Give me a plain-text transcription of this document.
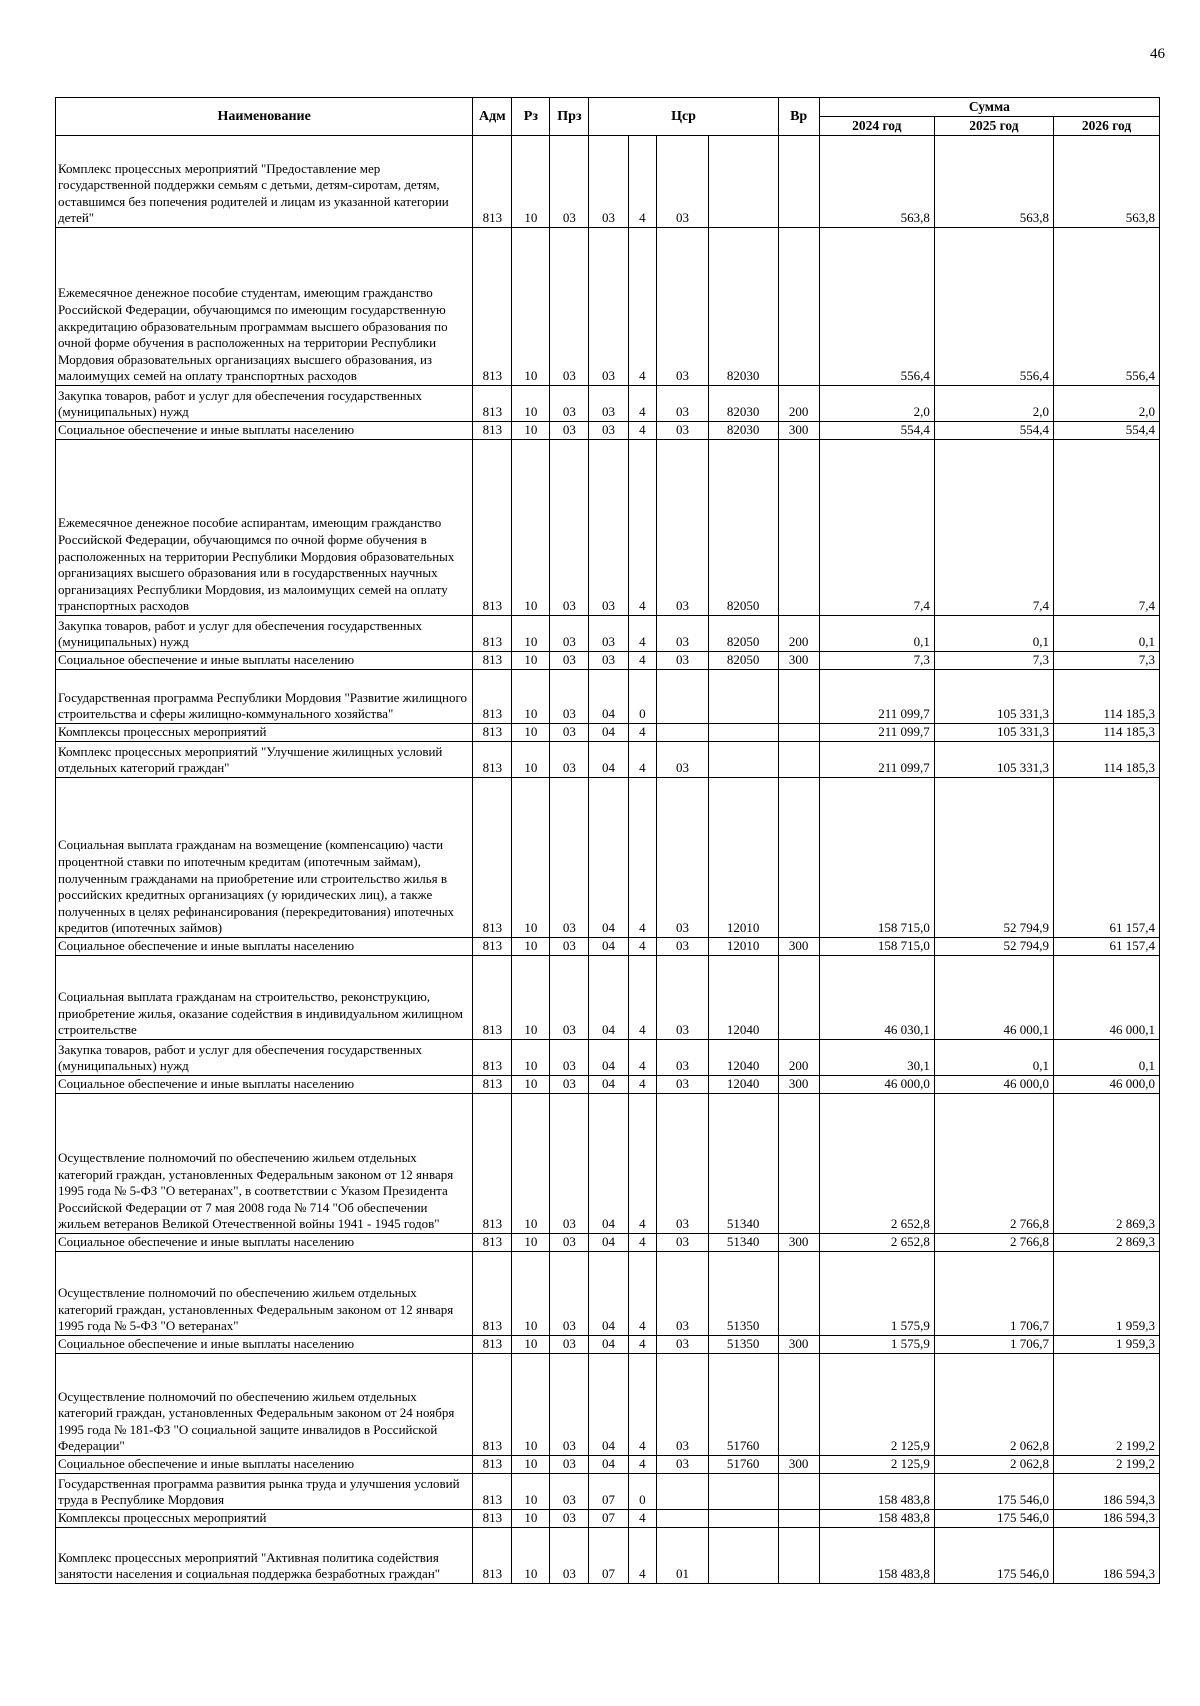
46
Наименование	Адм	Рз	Прз	Цср				Вр	Сумма		
									2024 год	2025 год	2026 год
Комплекс процессных мероприятий "Предоставление мер государственной поддержки семьям с детьми, детям-сиротам, детям, оставшимся без попечения родителей и лицам из указанной категории детей"	813	10	03	03	4	03			563,8	563,8	563,8
Ежемесячное денежное пособие студентам, имеющим гражданство Российской Федерации, обучающимся по имеющим государственную аккредитацию образовательным программам высшего образования по очной форме обучения в расположенных на территории Республики Мордовия образовательных организациях высшего образования, из малоимущих семей на оплату транспортных расходов	813	10	03	03	4	03	82030		556,4	556,4	556,4
Закупка товаров, работ и услуг для обеспечения государственных (муниципальных) нужд	813	10	03	03	4	03	82030	200	2,0	2,0	2,0
Социальное обеспечение и иные выплаты населению	813	10	03	03	4	03	82030	300	554,4	554,4	554,4
Ежемесячное денежное пособие аспирантам, имеющим гражданство Российской Федерации, обучающимся по очной форме обучения в расположенных на территории Республики Мордовия образовательных организациях высшего образования или в государственных научных организациях Республики Мордовия, из малоимущих семей на оплату транспортных расходов	813	10	03	03	4	03	82050		7,4	7,4	7,4
Закупка товаров, работ и услуг для обеспечения государственных (муниципальных) нужд	813	10	03	03	4	03	82050	200	0,1	0,1	0,1
Социальное обеспечение и иные выплаты населению	813	10	03	03	4	03	82050	300	7,3	7,3	7,3
Государственная программа Республики Мордовия "Развитие жилищного строительства и сферы жилищно-коммунального хозяйства"	813	10	03	04	0				211 099,7	105 331,3	114 185,3
Комплексы процессных мероприятий	813	10	03	04	4				211 099,7	105 331,3	114 185,3
Комплекс процессных мероприятий "Улучшение жилищных условий отдельных категорий граждан"	813	10	03	04	4	03			211 099,7	105 331,3	114 185,3
Социальная выплата гражданам на возмещение (компенсацию) части процентной ставки по ипотечным кредитам (ипотечным займам), полученным гражданами на приобретение или строительство жилья в российских кредитных организациях (у юридических лиц), а также полученных в целях рефинансирования (перекредитования) ипотечных кредитов (ипотечных займов)	813	10	03	04	4	03	12010		158 715,0	52 794,9	61 157,4
Социальное обеспечение и иные выплаты населению	813	10	03	04	4	03	12010	300	158 715,0	52 794,9	61 157,4
Социальная выплата гражданам на строительство, реконструкцию, приобретение жилья, оказание содействия в индивидуальном жилищном строительстве	813	10	03	04	4	03	12040		46 030,1	46 000,1	46 000,1
Закупка товаров, работ и услуг для обеспечения государственных (муниципальных) нужд	813	10	03	04	4	03	12040	200	30,1	0,1	0,1
Социальное обеспечение и иные выплаты населению	813	10	03	04	4	03	12040	300	46 000,0	46 000,0	46 000,0
Осуществление полномочий по обеспечению жильем отдельных категорий граждан, установленных Федеральным законом от 12 января 1995 года № 5-ФЗ "О ветеранах", в соответствии с Указом Президента Российской Федерации от 7 мая 2008 года № 714 "Об обеспечении жильем ветеранов Великой Отечественной войны 1941 - 1945 годов"	813	10	03	04	4	03	51340		2 652,8	2 766,8	2 869,3
Социальное обеспечение и иные выплаты населению	813	10	03	04	4	03	51340	300	2 652,8	2 766,8	2 869,3
Осуществление полномочий по обеспечению жильем отдельных категорий граждан, установленных Федеральным законом от 12 января 1995 года № 5-ФЗ "О ветеранах"	813	10	03	04	4	03	51350		1 575,9	1 706,7	1 959,3
Социальное обеспечение и иные выплаты населению	813	10	03	04	4	03	51350	300	1 575,9	1 706,7	1 959,3
Осуществление полномочий по обеспечению жильем отдельных категорий граждан, установленных Федеральным законом от 24 ноября 1995 года № 181-ФЗ "О социальной защите инвалидов в Российской Федерации"	813	10	03	04	4	03	51760		2 125,9	2 062,8	2 199,2
Социальное обеспечение и иные выплаты населению	813	10	03	04	4	03	51760	300	2 125,9	2 062,8	2 199,2
Государственная программа развития рынка труда и улучшения условий труда в Республике Мордовия	813	10	03	07	0				158 483,8	175 546,0	186 594,3
Комплексы процессных мероприятий	813	10	03	07	4				158 483,8	175 546,0	186 594,3
Комплекс процессных мероприятий "Активная политика содействия занятости населения и социальная поддержка безработных граждан"	813	10	03	07	4	01			158 483,8	175 546,0	186 594,3
